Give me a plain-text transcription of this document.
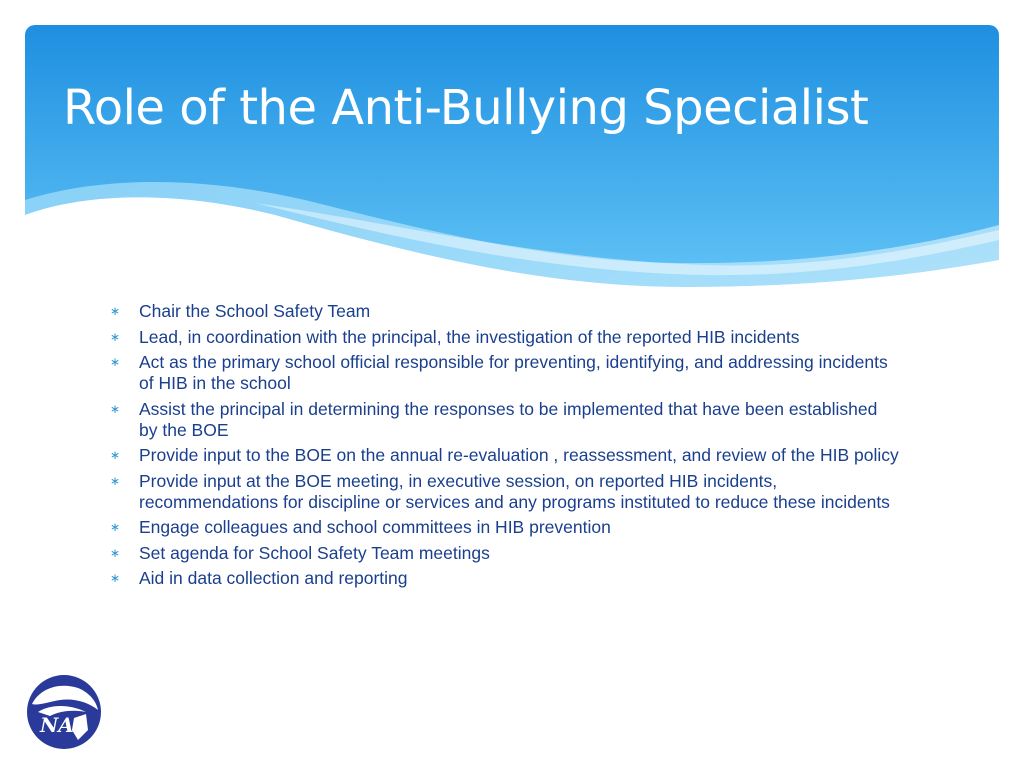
Role of the Anti-Bullying Specialist
∗ Chair the School Safety Team
∗ Lead, in coordination with the principal, the investigation of the reported HIB incidents
∗ Act as the primary school official responsible for preventing, identifying, and addressing incidents of HIB in the school
∗ Assist the principal in determining the responses to be implemented that have been established by the BOE
∗ Provide input to the BOE on the annual re-evaluation , reassessment, and review of the HIB policy
∗ Provide input at the BOE meeting, in executive session, on reported HIB incidents, recommendations for discipline or services and any programs instituted to reduce these incidents
∗ Engage colleagues and school committees in HIB prevention
∗ Set agenda for School Safety Team meetings
∗ Aid in data collection and reporting
NA
